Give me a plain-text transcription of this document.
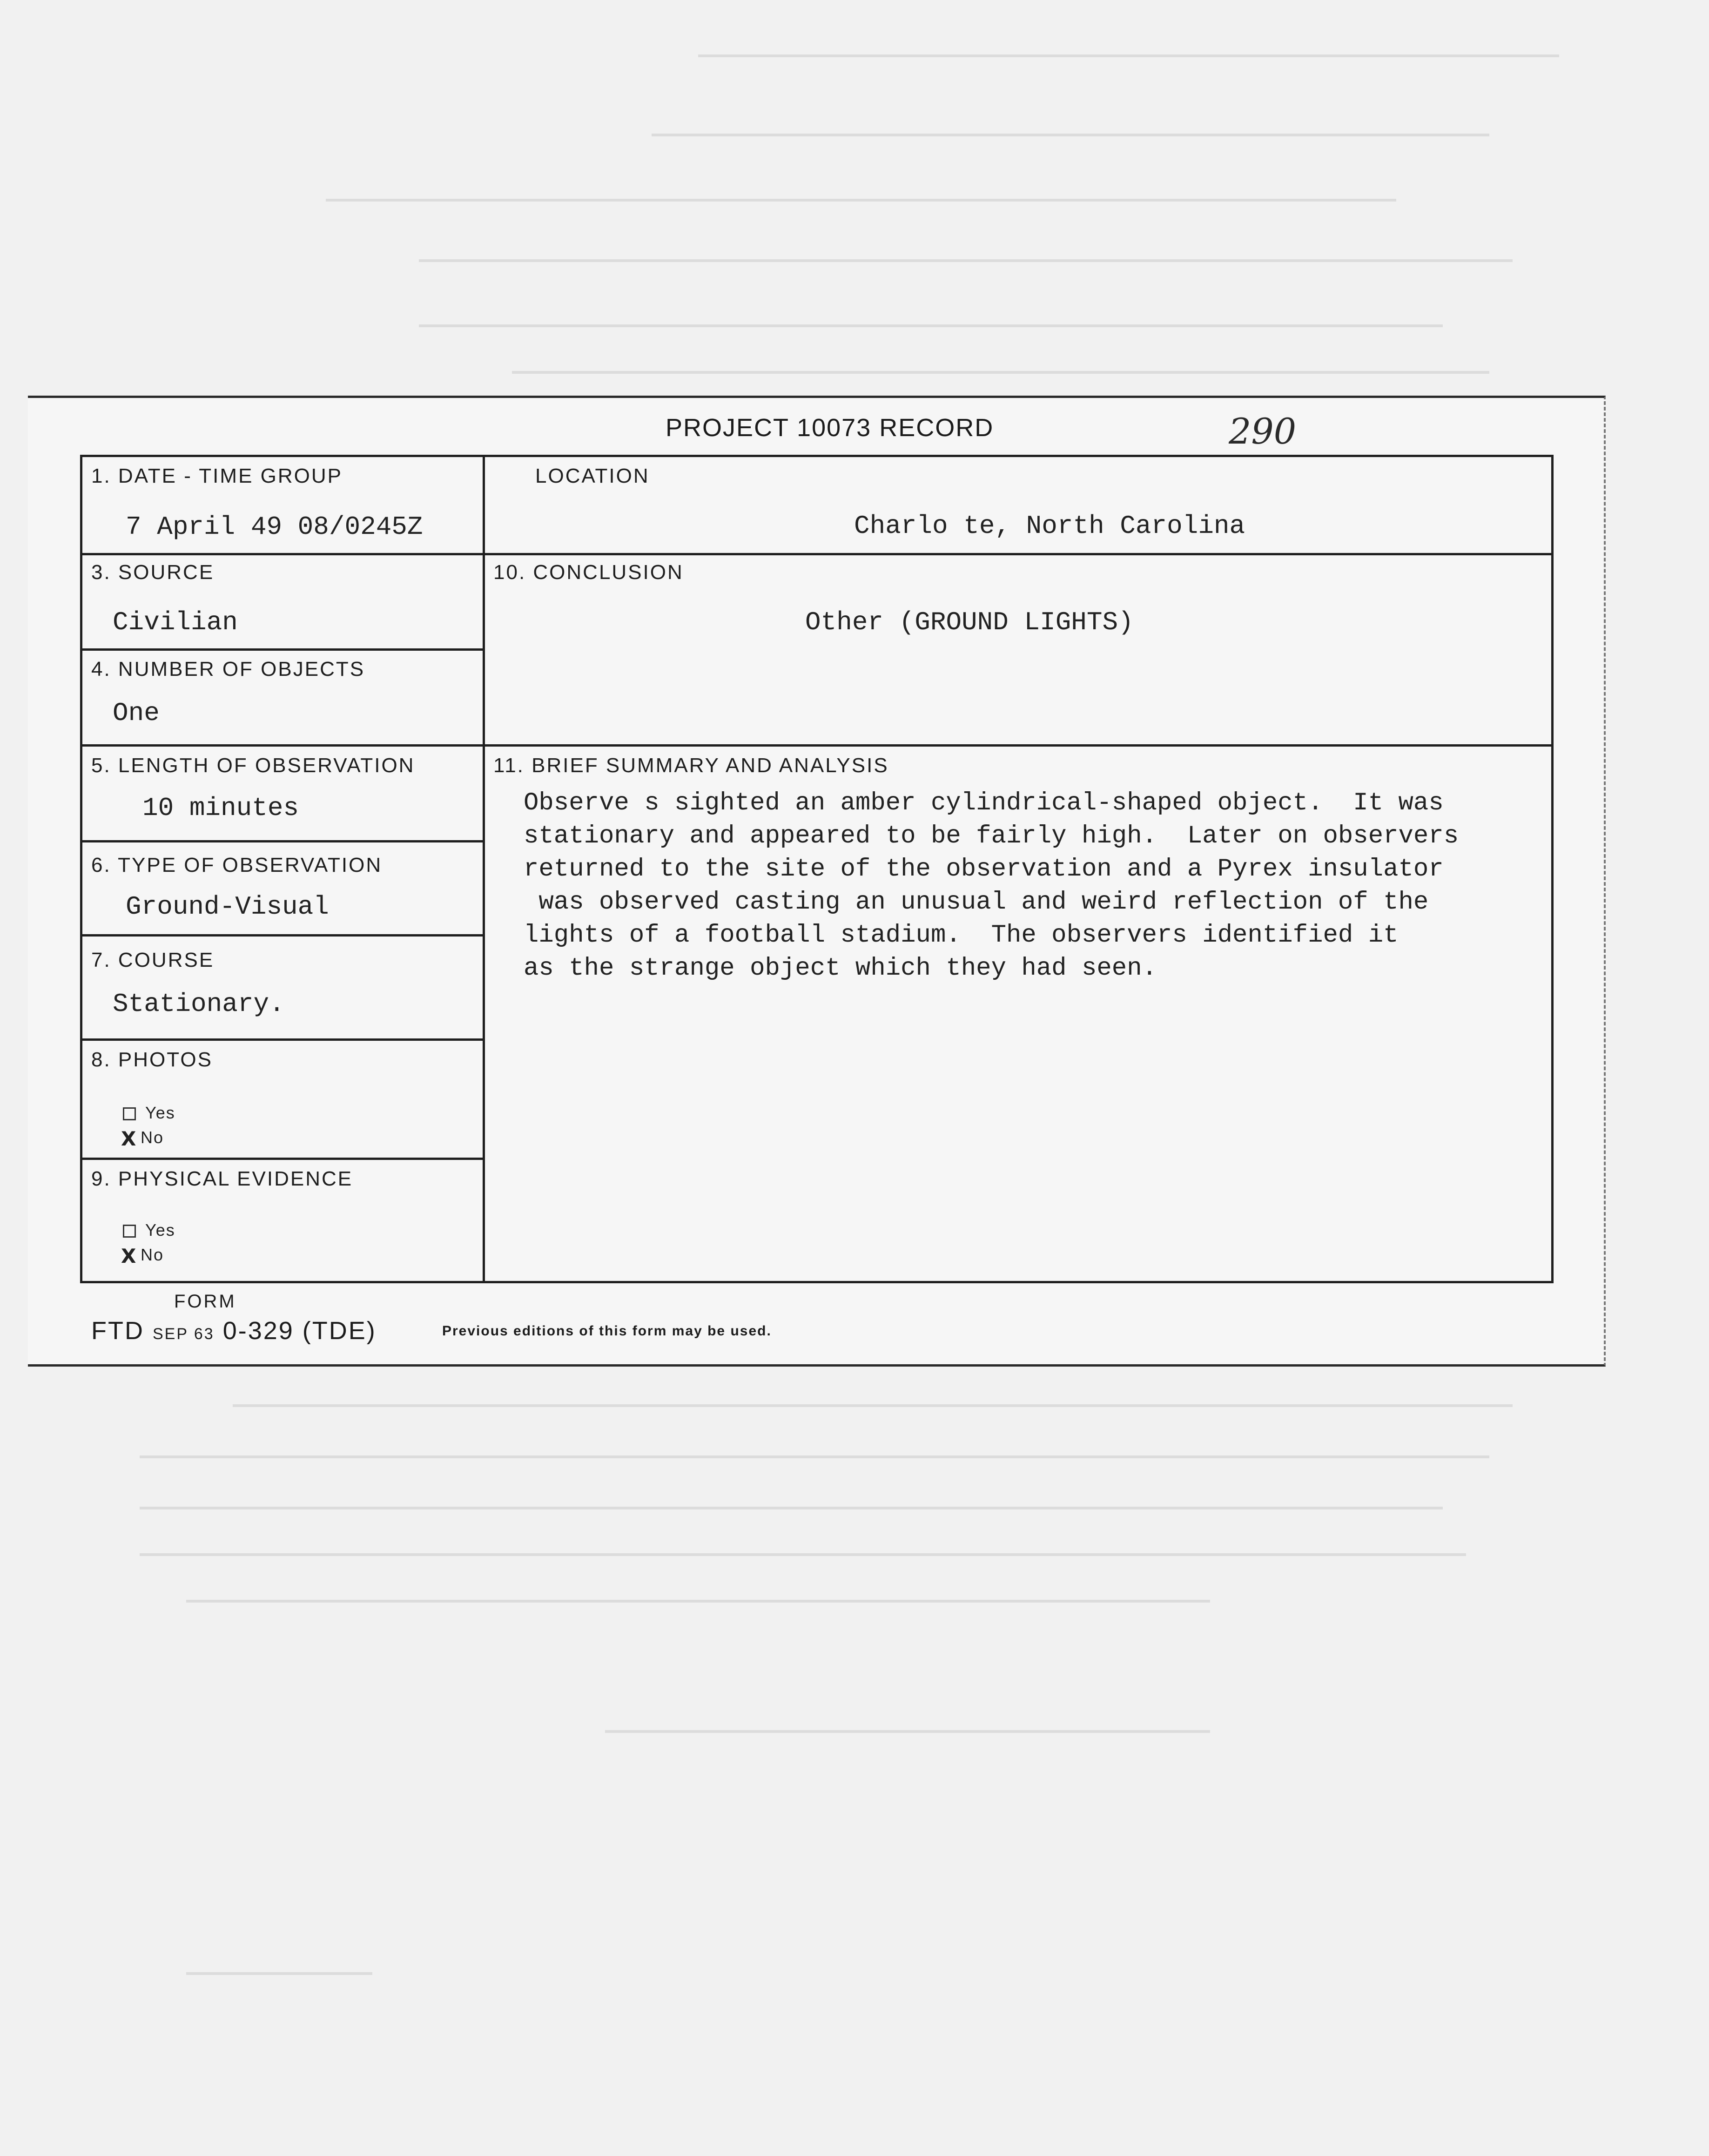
PROJECT 10073 RECORD	290
1. DATE - TIME GROUP
7 April 49 08/0245Z
3. SOURCE
Civilian
4. NUMBER OF OBJECTS
One
5. LENGTH OF OBSERVATION
10 minutes
6. TYPE OF OBSERVATION
Ground-Visual
7. COURSE
Stationary.
8. PHOTOS
Yes
X No
9. PHYSICAL EVIDENCE
Yes
X No
LOCATION
Charlo te, North Carolina
10. CONCLUSION
Other (GROUND LIGHTS)
11. BRIEF SUMMARY AND ANALYSIS
Observe s sighted an amber cylindrical-shaped object.  It was
stationary and appeared to be fairly high.  Later on observers
returned to the site of the observation and a Pyrex insulator
was observed casting an unusual and weird reflection of the
lights of a football stadium.  The observers identified it
as the strange object which they had seen.
FORM
FTD SEP 63 0-329 (TDE)	Previous editions of this form may be used.
